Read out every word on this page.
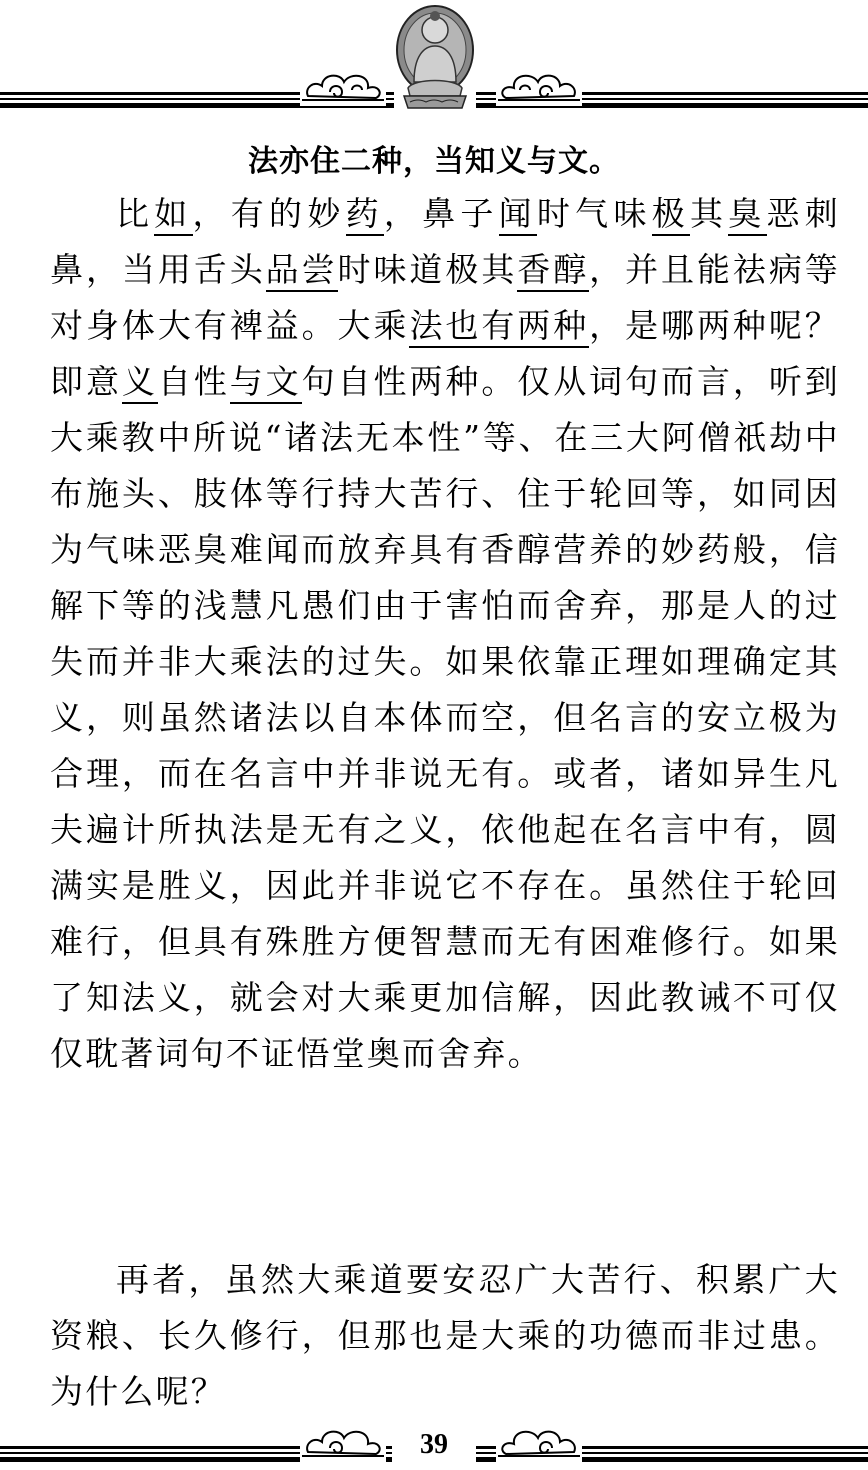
法亦住二种，当知义与文。

比如，有的妙药，鼻子闻时气味极其臭恶刺鼻，当用舌头品尝时味道极其香醇，并且能祛病等对身体大有裨益。大乘法也有两种，是哪两种呢？即意义自性与文句自性两种。仅从词句而言，听到大乘教中所说“诸法无本性”等、在三大阿僧祇劫中布施头、肢体等行持大苦行、住于轮回等，如同因为气味恶臭难闻而放弃具有香醇营养的妙药般，信解下等的浅慧凡愚们由于害怕而舍弃，那是人的过失而并非大乘法的过失。如果依靠正理如理确定其义，则虽然诸法以自本体而空，但名言的安立极为合理，而在名言中并非说无有。或者，诸如异生凡夫遍计所执法是无有之义，依他起在名言中有，圆满实是胜义，因此并非说它不存在。虽然住于轮回难行，但具有殊胜方便智慧而无有困难修行。如果了知法义，就会对大乘更加信解，因此教诫不可仅仅耽著词句不证悟堂奥而舍弃。

再者，虽然大乘道要安忍广大苦行、积累广大资粮、长久修行，但那也是大乘的功德而非过患。为什么呢？

39
